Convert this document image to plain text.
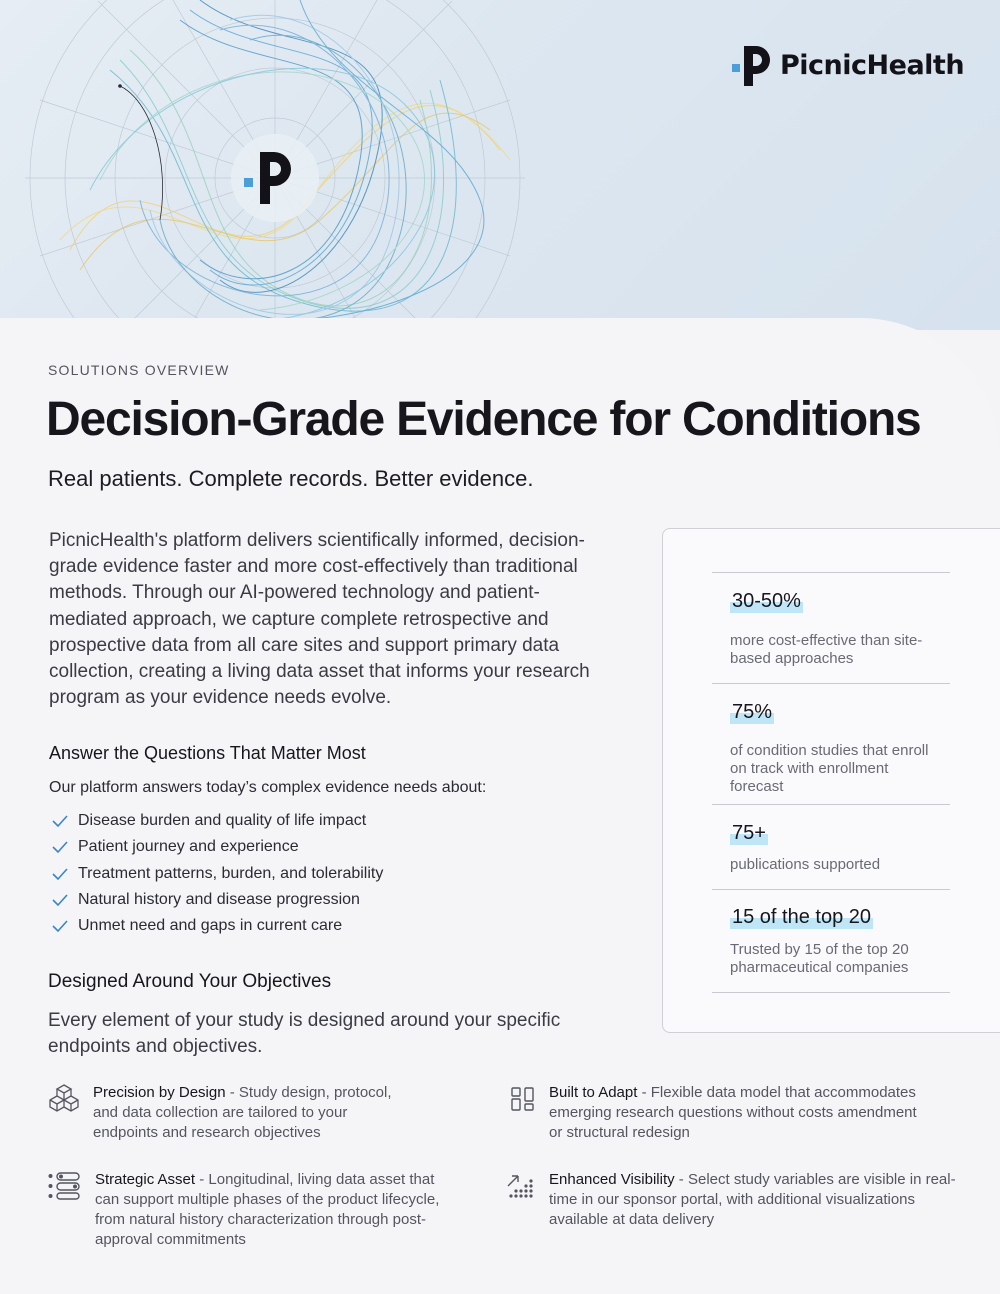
PicnicHealth
SOLUTIONS OVERVIEW
Decision-Grade Evidence for Conditions
Real patients. Complete records. Better evidence.

PicnicHealth's platform delivers scientifically informed, decision-grade evidence faster and more cost-effectively than traditional methods. Through our AI-powered technology and patient-mediated approach, we capture complete retrospective and prospective data from all care sites and support primary data collection, creating a living data asset that informs your research program as your evidence needs evolve.

Answer the Questions That Matter Most
Our platform answers today’s complex evidence needs about:
Disease burden and quality of life impact
Patient journey and experience
Treatment patterns, burden, and tolerability
Natural history and disease progression
Unmet need and gaps in current care
Designed Around Your Objectives

Every element of your study is designed around your specific endpoints and objectives.

Precision by Design - Study design, protocol, and data collection are tailored to your endpoints and research objectives
Built to Adapt - Flexible data model that accommodates emerging research questions without costs amendment or structural redesign
Strategic Asset - Longitudinal, living data asset that can support multiple phases of the product lifecycle, from natural history characterization through post-approval commitments
Enhanced Visibility - Select study variables are visible in real-time in our sponsor portal, with additional visualizations available at data delivery
30-50%
more cost-effective than site-based approaches
75%
of condition studies that enroll on track with enrollment forecast
75+
publications supported
15 of the top 20
Trusted by 15 of the top 20 pharmaceutical companies
